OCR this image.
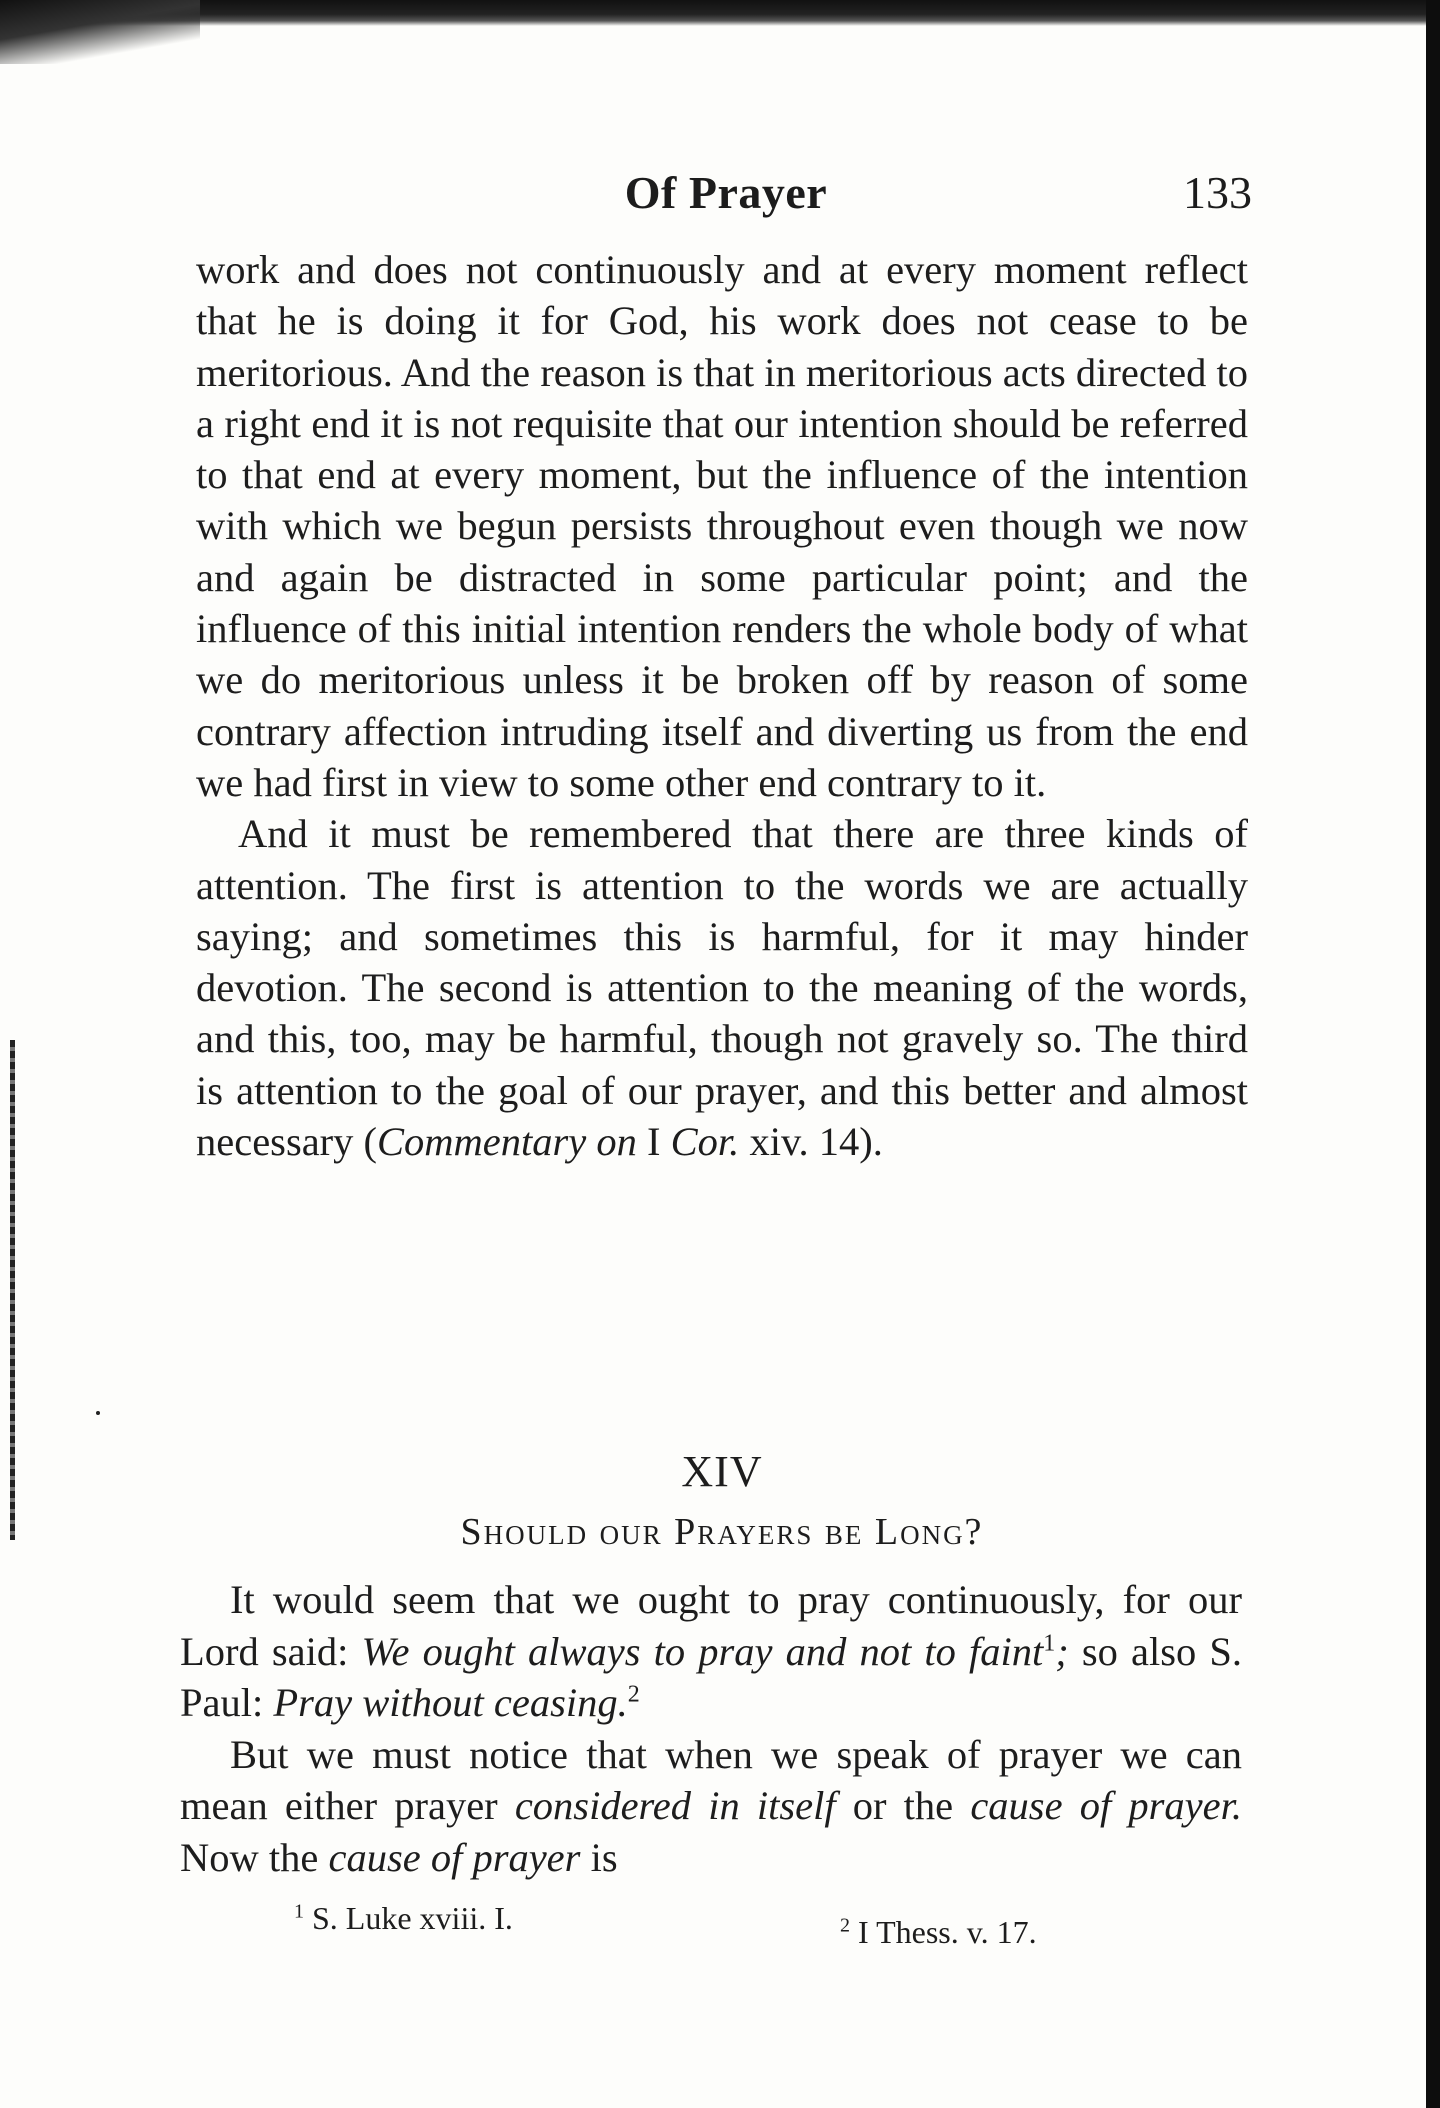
Of Prayer	133

work and does not continuously and at every moment reflect that he is doing it for God, his work does not cease to be meritorious. And the reason is that in meritorious acts directed to a right end it is not requisite that our intention should be referred to that end at every moment, but the influence of the intention with which we begun persists throughout even though we now and again be distracted in some particular point; and the influence of this initial intention renders the whole body of what we do meritorious unless it be broken off by reason of some contrary affection intruding itself and diverting us from the end we had first in view to some other end contrary to it.

And it must be remembered that there are three kinds of attention. The first is attention to the words we are actually saying; and sometimes this is harmful, for it may hinder devotion. The second is attention to the meaning of the words, and this, too, may be harmful, though not gravely so. The third is attention to the goal of our prayer, and this better and almost necessary (Commentary on I Cor. xiv. 14).

XIV
Should our Prayers be Long?

It would seem that we ought to pray continuously, for our Lord said: We ought always to pray and not to faint$^1$; so also S. Paul: Pray without ceasing.$^2$

But we must notice that when we speak of prayer we can mean either prayer considered in itself or the cause of prayer. Now the cause of prayer is

$^1$ S. Luke xviii. I.	$^2$ I Thess. v. 17.
